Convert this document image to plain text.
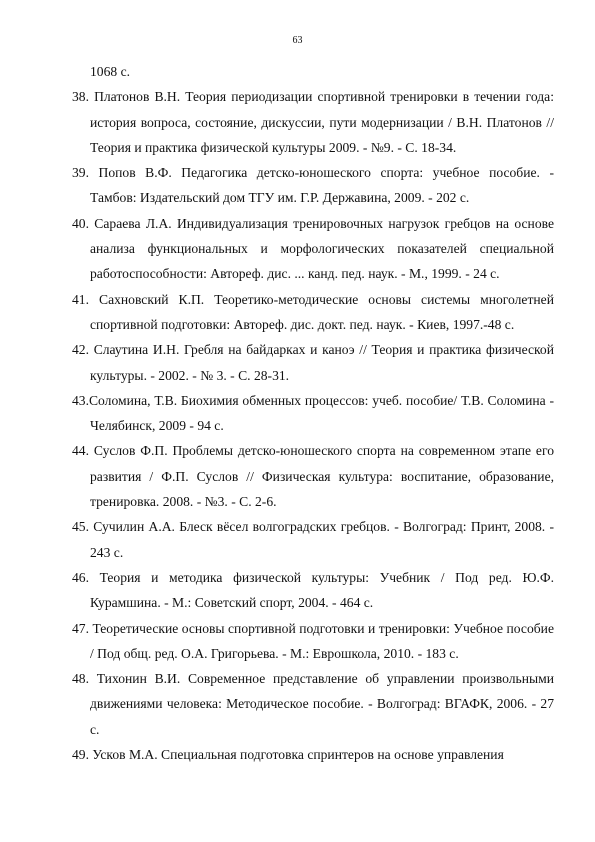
63
1068 с.
38. Платонов В.Н. Теория периодизации спортивной тренировки в течении года: история вопроса, состояние, дискуссии, пути модернизации / В.Н. Платонов // Теория и практика физической культуры 2009. - №9. - С. 18-34.
39. Попов В.Ф. Педагогика детско-юношеского спорта: учебное пособие. - Тамбов: Издательский дом ТГУ им. Г.Р. Державина, 2009. - 202 с.
40. Сараева Л.А. Индивидуализация тренировочных нагрузок гребцов на основе анализа функциональных и морфологических показателей специальной работоспособности: Автореф. дис. ... канд. пед. наук. - М., 1999. - 24 с.
41. Сахновский К.П. Теоретико-методические основы системы многолетней спортивной подготовки: Автореф. дис. докт. пед. наук. - Киев, 1997.-48 с.
42. Слаутина И.Н. Гребля на байдарках и каноэ // Теория и практика физической культуры. - 2002. - № 3. - С. 28-31.
43.Соломина, Т.В. Биохимия обменных процессов: учеб. пособие/ Т.В. Соломина - Челябинск, 2009 - 94 с.
44. Суслов Ф.П. Проблемы детско-юношеского спорта на современном этапе его развития / Ф.П. Суслов // Физическая культура: воспитание, образование, тренировка. 2008. - №3. - С. 2-6.
45. Сучилин А.А. Блеск вёсел волгоградских гребцов. - Волгоград: Принт, 2008. - 243 с.
46. Теория и методика физической культуры: Учебник / Под ред. Ю.Ф. Курамшина. - М.: Советский спорт, 2004. - 464 с.
47. Теоретические основы спортивной подготовки и тренировки: Учебное пособие / Под общ. ред. О.А. Григорьева. - М.: Еврошкола, 2010. - 183 с.
48. Тихонин В.И. Современное представление об управлении произвольными движениями человека: Методическое пособие. - Волгоград: ВГАФК, 2006. - 27 с.
49. Усков М.А. Специальная подготовка спринтеров на основе управления
